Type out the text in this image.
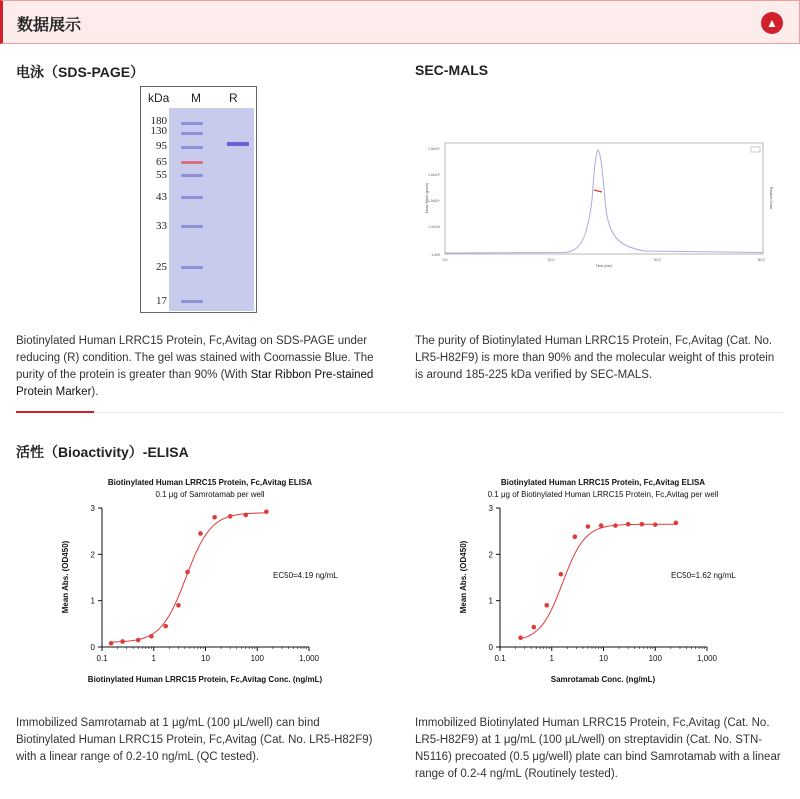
数据展示	▲
电泳（SDS-PAGE）
kDa M R
180
130
95
65
55
43
33
25
17
Biotinylated Human LRRC15 Protein, Fc,Avitag on SDS-PAGE under reducing (R) condition. The gel was stained with Coomassie Blue. The purity of the protein is greater than 90% (With Star Ribbon Pre-stained Protein Marker).
SEC-MALS
1.0x10⁶
1.0x10⁵
1.0x10⁴
1.0x10³
1.000
0.0	10.0	20.0	30.0
Time (min)
Molar Mass (g/mol)	Relative Scale
The purity of Biotinylated Human LRRC15 Protein, Fc,Avitag (Cat. No. LR5-H82F9) is more than 90% and the molecular weight of this protein is around 185-225 kDa verified by SEC-MALS.
活性（Bioactivity）-ELISA
Biotinylated Human LRRC15 Protein, Fc,Avitag ELISA
0.1 μg of Samrotamab per well
0.1	1	10	100	1,000
0
1
2
3
EC50=4.19 ng/mL
Biotinylated Human LRRC15 Protein, Fc,Avitag Conc. (ng/mL)
Mean Abs. (OD450)
Immobilized Samrotamab at 1 μg/mL (100 μL/well) can bind Biotinylated Human LRRC15 Protein, Fc,Avitag (Cat. No. LR5-H82F9) with a linear range of 0.2-10 ng/mL (QC tested).
Biotinylated Human LRRC15 Protein, Fc,Avitag ELISA
0.1 μg of Biotinylated Human LRRC15 Protein, Fc,Avitag per well
0.1	1	10	100	1,000
0
1
2
3
EC50=1.62 ng/mL
Samrotamab Conc. (ng/mL)
Mean Abs. (OD450)
Immobilized Biotinylated Human LRRC15 Protein, Fc,Avitag (Cat. No. LR5-H82F9) at 1 μg/mL (100 μL/well) on streptavidin (Cat. No. STN-N5116) precoated (0.5 μg/well) plate can bind Samrotamab with a linear range of 0.2-4 ng/mL (Routinely tested).
